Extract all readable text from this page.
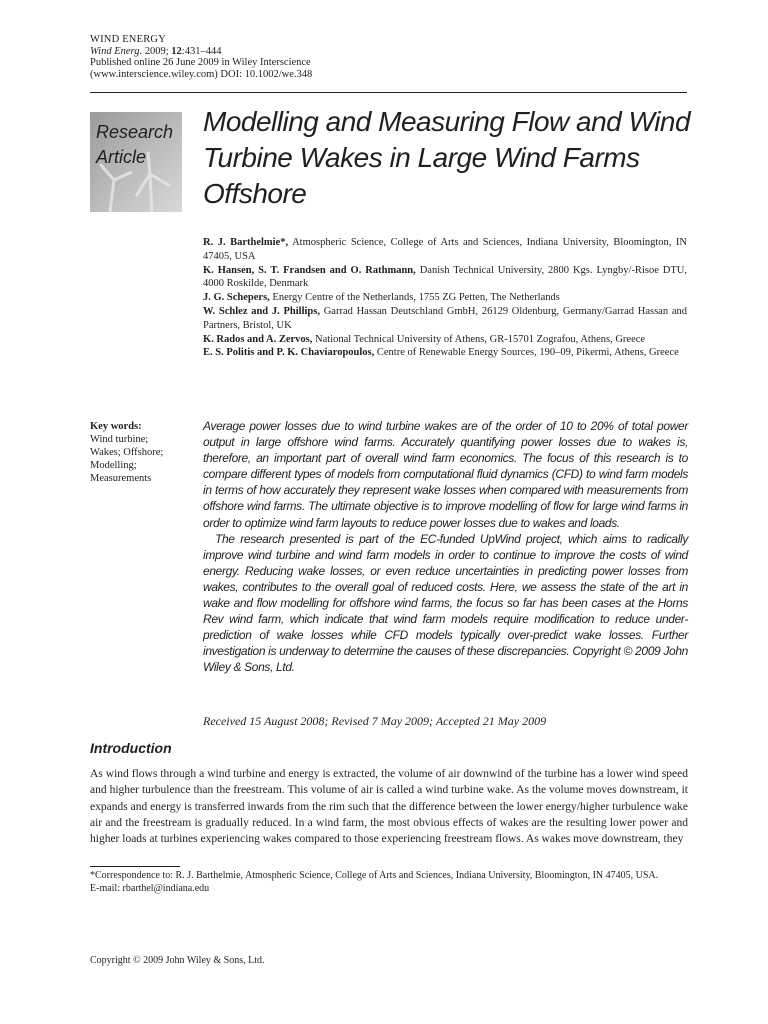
WIND ENERGY
Wind Energ. 2009; 12:431–444
Published online 26 June 2009 in Wiley Interscience
(www.interscience.wiley.com) DOI: 10.1002/we.348
Research
Article
Modelling and Measuring Flow and Wind Turbine Wakes in Large Wind Farms Offshore

R. J. Barthelmie*, Atmospheric Science, College of Arts and Sciences, Indiana University, Bloomington, IN 47405, USA

K. Hansen, S. T. Frandsen and O. Rathmann, Danish Technical University, 2800 Kgs. Lyngby/-Risoe DTU, 4000 Roskilde, Denmark

J. G. Schepers, Energy Centre of the Netherlands, 1755 ZG Petten, The Netherlands

W. Schlez and J. Phillips, Garrad Hassan Deutschland GmbH, 26129 Oldenburg, Germany/Garrad Hassan and Partners, Bristol, UK

K. Rados and A. Zervos, National Technical University of Athens, GR-15701 Zografou, Athens, Greece

E. S. Politis and P. K. Chaviaropoulos, Centre of Renewable Energy Sources, 190–09, Pikermi, Athens, Greece

Key words:
Wind turbine;
Wakes; Offshore;
Modelling;
Measurements

Average power losses due to wind turbine wakes are of the order of 10 to 20% of total power output in large offshore wind farms. Accurately quantifying power losses due to wakes is, therefore, an important part of overall wind farm economics. The focus of this research is to compare different types of models from computational fluid dynamics (CFD) to wind farm models in terms of how accurately they represent wake losses when compared with measurements from offshore wind farms. The ultimate objective is to improve modelling of flow for large wind farms in order to optimize wind farm layouts to reduce power losses due to wakes and loads.

The research presented is part of the EC-funded UpWind project, which aims to radically improve wind turbine and wind farm models in order to continue to improve the costs of wind energy. Reducing wake losses, or even reduce uncertainties in predicting power losses from wakes, contributes to the overall goal of reduced costs. Here, we assess the state of the art in wake and flow modelling for offshore wind farms, the focus so far has been cases at the Horns Rev wind farm, which indicate that wind farm models require modification to reduce under-prediction of wake losses while CFD models typically over-predict wake losses. Further investigation is underway to determine the causes of these discrepancies. Copyright © 2009 John Wiley & Sons, Ltd.

Received 15 August 2008; Revised 7 May 2009; Accepted 21 May 2009
Introduction
As wind flows through a wind turbine and energy is extracted, the volume of air downwind of the turbine has a lower wind speed and higher turbulence than the freestream. This volume of air is called a wind turbine wake. As the volume moves downstream, it expands and energy is transferred inwards from the rim such that the difference between the lower energy/higher turbulence wake air and the freestream is gradually reduced. In a wind farm, the most obvious effects of wakes are the resulting lower power and higher loads at turbines experiencing wakes compared to those experiencing freestream flows. As wakes move downstream, they
*Correspondence to: R. J. Barthelmie, Atmospheric Science, College of Arts and Sciences, Indiana University, Bloomington, IN 47405, USA.
E-mail: rbarthel@indiana.edu
Copyright © 2009 John Wiley & Sons, Ltd.
